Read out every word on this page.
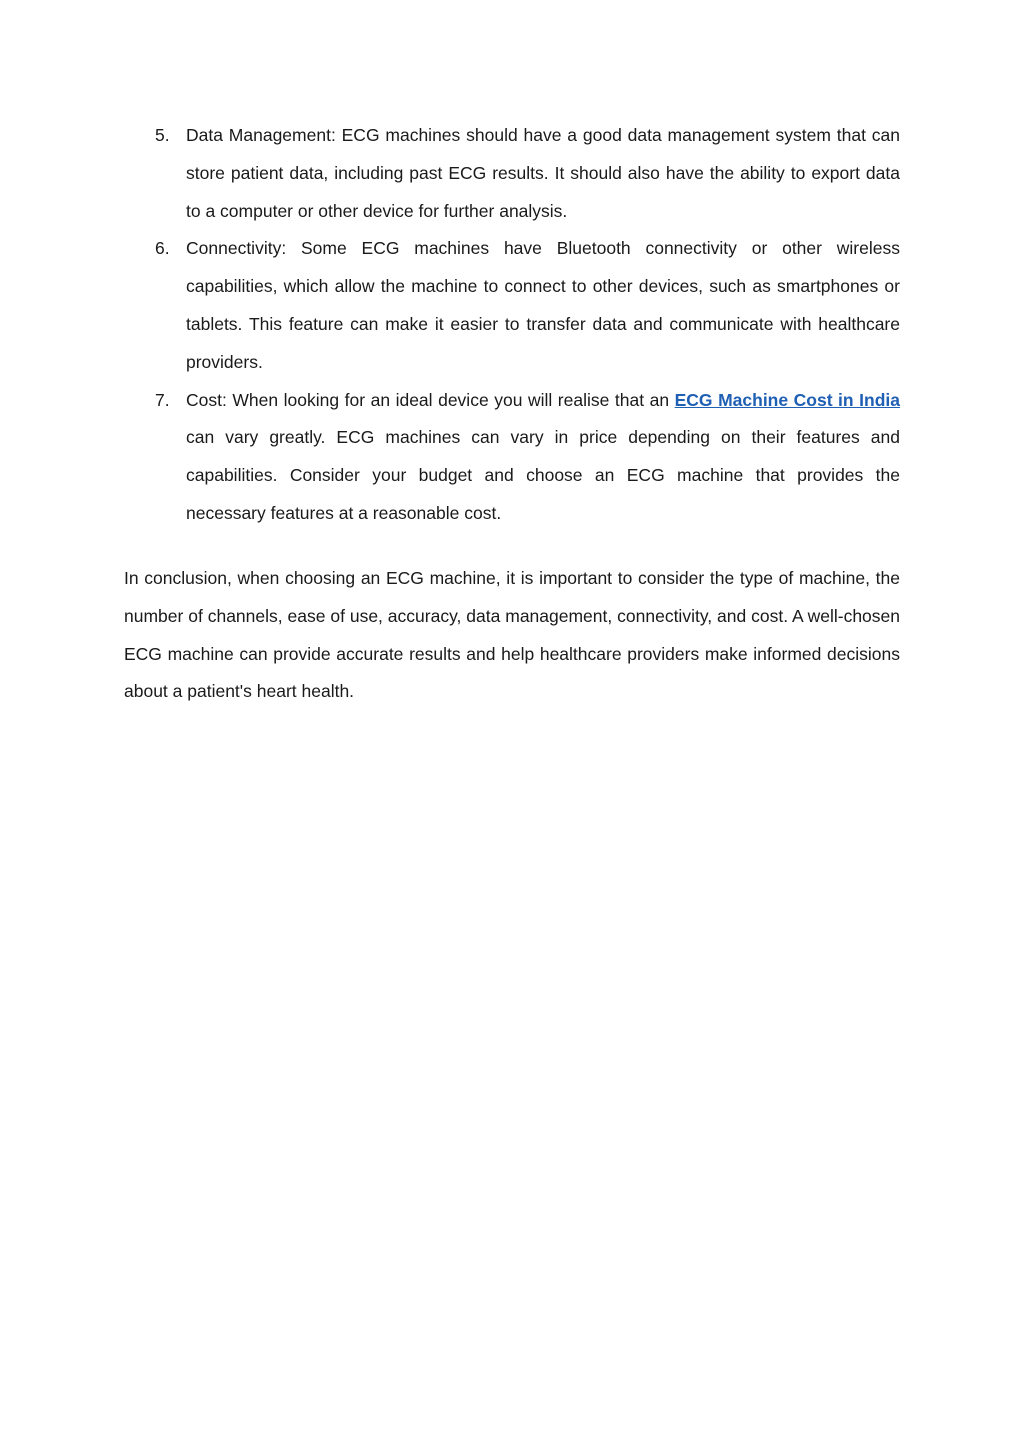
5. Data Management: ECG machines should have a good data management system that can store patient data, including past ECG results. It should also have the ability to export data to a computer or other device for further analysis.
6. Connectivity: Some ECG machines have Bluetooth connectivity or other wireless capabilities, which allow the machine to connect to other devices, such as smartphones or tablets. This feature can make it easier to transfer data and communicate with healthcare providers.
7. Cost: When looking for an ideal device you will realise that an ECG Machine Cost in India can vary greatly. ECG machines can vary in price depending on their features and capabilities. Consider your budget and choose an ECG machine that provides the necessary features at a reasonable cost.

In conclusion, when choosing an ECG machine, it is important to consider the type of machine, the number of channels, ease of use, accuracy, data management, connectivity, and cost. A well-chosen ECG machine can provide accurate results and help healthcare providers make informed decisions about a patient's heart health.
